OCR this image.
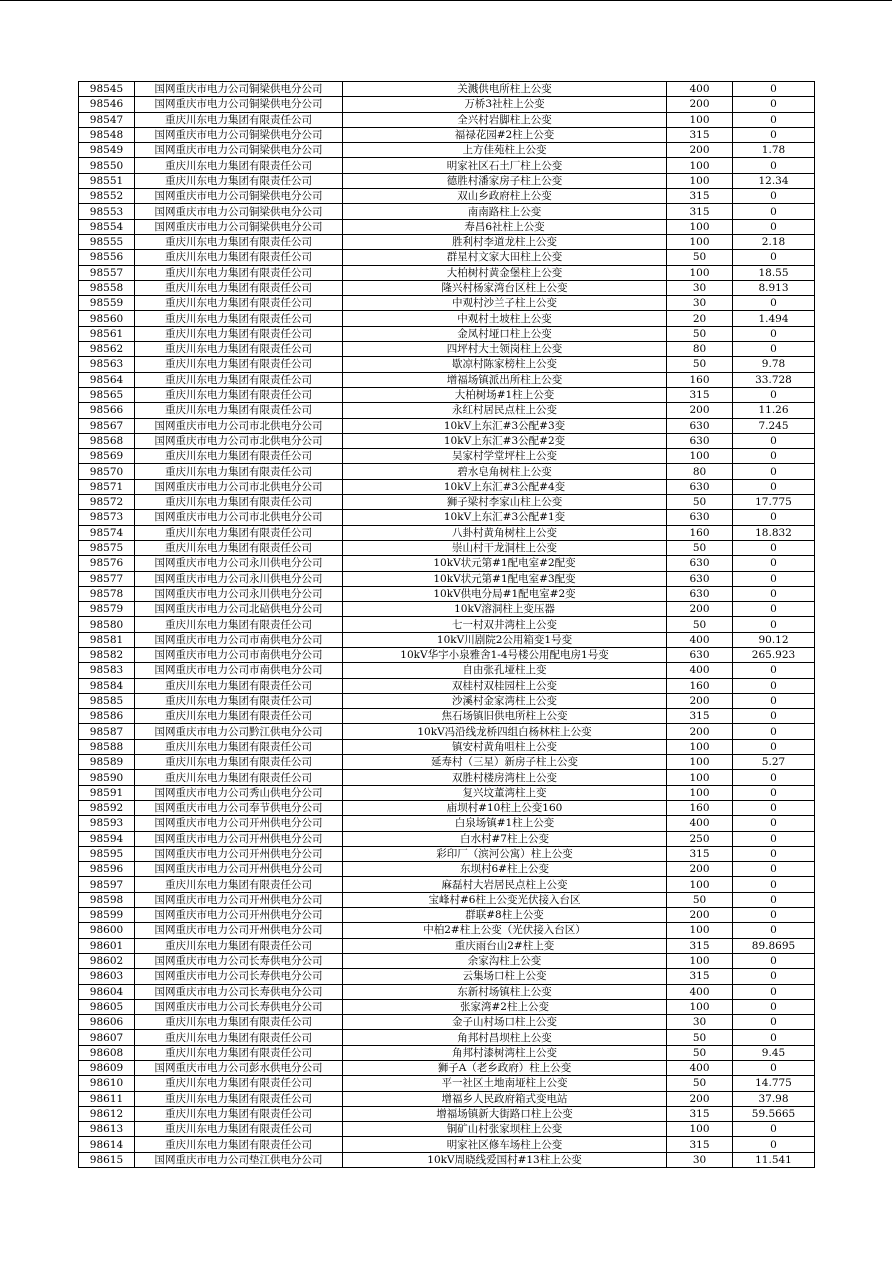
98545	国网重庆市电力公司铜梁供电分公司	关溅供电所柱上公变	400	0
98546	国网重庆市电力公司铜梁供电分公司	万桥3社柱上公变	200	0
98547	重庆川东电力集团有限责任公司	全兴村岩脚柱上公变	100	0
98548	国网重庆市电力公司铜梁供电分公司	福禄花园#2柱上公变	315	0
98549	国网重庆市电力公司铜梁供电分公司	上方佳苑柱上公变	200	1.78
98550	重庆川东电力集团有限责任公司	明家社区石土厂柱上公变	100	0
98551	重庆川东电力集团有限责任公司	德胜村潘家房子柱上公变	100	12.34
98552	国网重庆市电力公司铜梁供电分公司	双山乡政府柱上公变	315	0
98553	国网重庆市电力公司铜梁供电分公司	南南路柱上公变	315	0
98554	国网重庆市电力公司铜梁供电分公司	寿昌6社柱上公变	100	0
98555	重庆川东电力集团有限责任公司	胜利村李道龙柱上公变	100	2.18
98556	重庆川东电力集团有限责任公司	群星村文家大田柱上公变	50	0
98557	重庆川东电力集团有限责任公司	大柏树村黄金堡柱上公变	100	18.55
98558	重庆川东电力集团有限责任公司	隆兴村杨家湾台区柱上公变	30	8.913
98559	重庆川东电力集团有限责任公司	中观村沙兰子柱上公变	30	0
98560	重庆川东电力集团有限责任公司	中观村土坡柱上公变	20	1.494
98561	重庆川东电力集团有限责任公司	金凤村垭口柱上公变	50	0
98562	重庆川东电力集团有限责任公司	四坪村大土领岗柱上公变	80	0
98563	重庆川东电力集团有限责任公司	歇凉村陈家榜柱上公变	50	9.78
98564	重庆川东电力集团有限责任公司	增福场镇派出所柱上公变	160	33.728
98565	重庆川东电力集团有限责任公司	大柏树场#1柱上公变	315	0
98566	重庆川东电力集团有限责任公司	永红村居民点柱上公变	200	11.26
98567	国网重庆市电力公司市北供电分公司	10kV上东汇#3公配#3变	630	7.245
98568	国网重庆市电力公司市北供电分公司	10kV上东汇#3公配#2变	630	0
98569	重庆川东电力集团有限责任公司	吴家村学堂坪柱上公变	100	0
98570	重庆川东电力集团有限责任公司	碧水皂角树柱上公变	80	0
98571	国网重庆市电力公司市北供电分公司	10kV上东汇#3公配#4变	630	0
98572	重庆川东电力集团有限责任公司	狮子梁村李家山柱上公变	50	17.775
98573	国网重庆市电力公司市北供电分公司	10kV上东汇#3公配#1变	630	0
98574	重庆川东电力集团有限责任公司	八卦村黄角树柱上公变	160	18.832
98575	重庆川东电力集团有限责任公司	崇山村干龙洞柱上公变	50	0
98576	国网重庆市电力公司永川供电分公司	10kV状元第#1配电室#2配变	630	0
98577	国网重庆市电力公司永川供电分公司	10kV状元第#1配电室#3配变	630	0
98578	国网重庆市电力公司永川供电分公司	10kV供电分局#1配电室#2变	630	0
98579	国网重庆市电力公司北碚供电分公司	10kV溶洞柱上变压器	200	0
98580	重庆川东电力集团有限责任公司	七一村双井湾柱上公变	50	0
98581	国网重庆市电力公司市南供电分公司	10kV川剧院2公用箱变1号变	400	90.12
98582	国网重庆市电力公司市南供电分公司	10kV华宇小泉雅舍1-4号楼公用配电房1号变	630	265.923
98583	国网重庆市电力公司市南供电分公司	自由张孔垭柱上变	400	0
98584	重庆川东电力集团有限责任公司	双桂村双桂园柱上公变	160	0
98585	重庆川东电力集团有限责任公司	沙溪村金家湾柱上公变	200	0
98586	重庆川东电力集团有限责任公司	焦石场镇旧供电所柱上公变	315	0
98587	国网重庆市电力公司黔江供电分公司	10kV冯沿线龙桥四组白杨林柱上公变	200	0
98588	重庆川东电力集团有限责任公司	镇安村黄角咀柱上公变	100	0
98589	重庆川东电力集团有限责任公司	延寿村（三星）新房子柱上公变	100	5.27
98590	重庆川东电力集团有限责任公司	双胜村楼房湾柱上公变	100	0
98591	国网重庆市电力公司秀山供电分公司	复兴坟董湾柱上变	100	0
98592	国网重庆市电力公司奉节供电分公司	庙坝村#10柱上公变160	160	0
98593	国网重庆市电力公司开州供电分公司	白泉场镇#1柱上公变	400	0
98594	国网重庆市电力公司开州供电分公司	白水村#7柱上公变	250	0
98595	国网重庆市电力公司开州供电分公司	彩印厂（滨河公寓）柱上公变	315	0
98596	国网重庆市电力公司开州供电分公司	东坝村6#柱上公变	200	0
98597	重庆川东电力集团有限责任公司	麻磊村大岩居民点柱上公变	100	0
98598	国网重庆市电力公司开州供电分公司	宝峰村#6柱上公变光伏接入台区	50	0
98599	国网重庆市电力公司开州供电分公司	群联#8柱上公变	200	0
98600	国网重庆市电力公司开州供电分公司	中柏2#柱上公变（光伏接入台区）	100	0
98601	重庆川东电力集团有限责任公司	重庆雨台山2#柱上变	315	89.8695
98602	国网重庆市电力公司长寿供电分公司	余家沟柱上公变	100	0
98603	国网重庆市电力公司长寿供电分公司	云集场口柱上公变	315	0
98604	国网重庆市电力公司长寿供电分公司	东新村场镇柱上公变	400	0
98605	国网重庆市电力公司长寿供电分公司	张家湾#2柱上公变	100	0
98606	重庆川东电力集团有限责任公司	金子山村场口柱上公变	30	0
98607	重庆川东电力集团有限责任公司	角邦村昌坝柱上公变	50	0
98608	重庆川东电力集团有限责任公司	角邦村漆树湾柱上公变	50	9.45
98609	国网重庆市电力公司彭水供电分公司	狮子A（老乡政府）柱上公变	400	0
98610	重庆川东电力集团有限责任公司	平一社区土地南垭柱上公变	50	14.775
98611	重庆川东电力集团有限责任公司	增福乡人民政府箱式变电站	200	37.98
98612	重庆川东电力集团有限责任公司	增福场镇新大街路口柱上公变	315	59.5665
98613	重庆川东电力集团有限责任公司	铜矿山村张家坝柱上公变	100	0
98614	重庆川东电力集团有限责任公司	明家社区修车场柱上公变	315	0
98615	国网重庆市电力公司垫江供电分公司	10kV周晓线爱国村#13柱上公变	30	11.541
